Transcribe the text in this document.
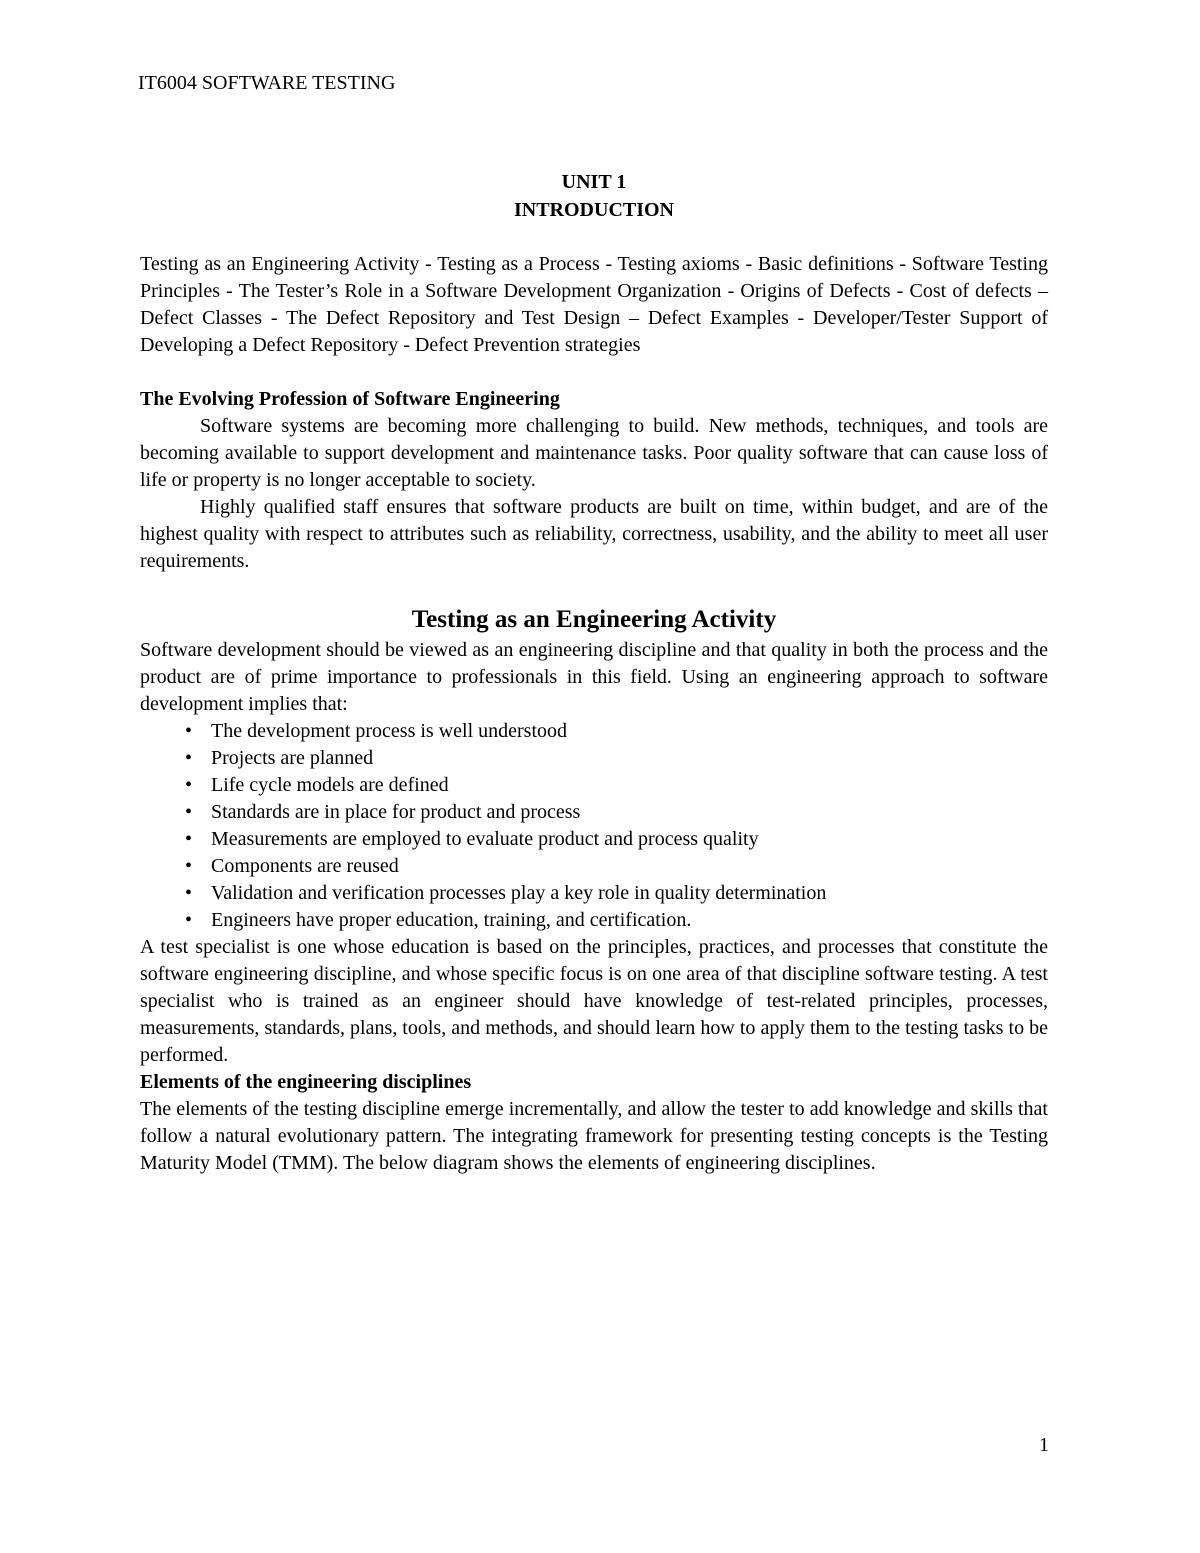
IT6004 SOFTWARE TESTING
UNIT 1
INTRODUCTION

Testing as an Engineering Activity - Testing as a Process - Testing axioms - Basic definitions - Software Testing Principles - The Tester’s Role in a Software Development Organization - Origins of Defects - Cost of defects – Defect Classes - The Defect Repository and Test Design – Defect Examples - Developer/Tester Support of Developing a Defect Repository - Defect Prevention strategies

The Evolving Profession of Software Engineering

Software systems are becoming more challenging to build. New methods, techniques, and tools are becoming available to support development and maintenance tasks. Poor quality software that can cause loss of life or property is no longer acceptable to society.

Highly qualified staff ensures that software products are built on time, within budget, and are of the highest quality with respect to attributes such as reliability, correctness, usability, and the ability to meet all user requirements.

Testing as an Engineering Activity

Software development should be viewed as an engineering discipline and that quality in both the process and the product are of prime importance to professionals in this field. Using an engineering approach to software development implies that:

• The development process is well understood
• Projects are planned
• Life cycle models are defined
• Standards are in place for product and process
• Measurements are employed to evaluate product and process quality
• Components are reused
• Validation and verification processes play a key role in quality determination
• Engineers have proper education, training, and certification.

A test specialist is one whose education is based on the principles, practices, and processes that constitute the software engineering discipline, and whose specific focus is on one area of that discipline software testing. A test specialist who is trained as an engineer should have knowledge of test-related principles, processes, measurements, standards, plans, tools, and methods, and should learn how to apply them to the testing tasks to be performed.

Elements of the engineering disciplines

The elements of the testing discipline emerge incrementally, and allow the tester to add knowledge and skills that follow a natural evolutionary pattern. The integrating framework for presenting testing concepts is the Testing Maturity Model (TMM). The below diagram shows the elements of engineering disciplines.

1
